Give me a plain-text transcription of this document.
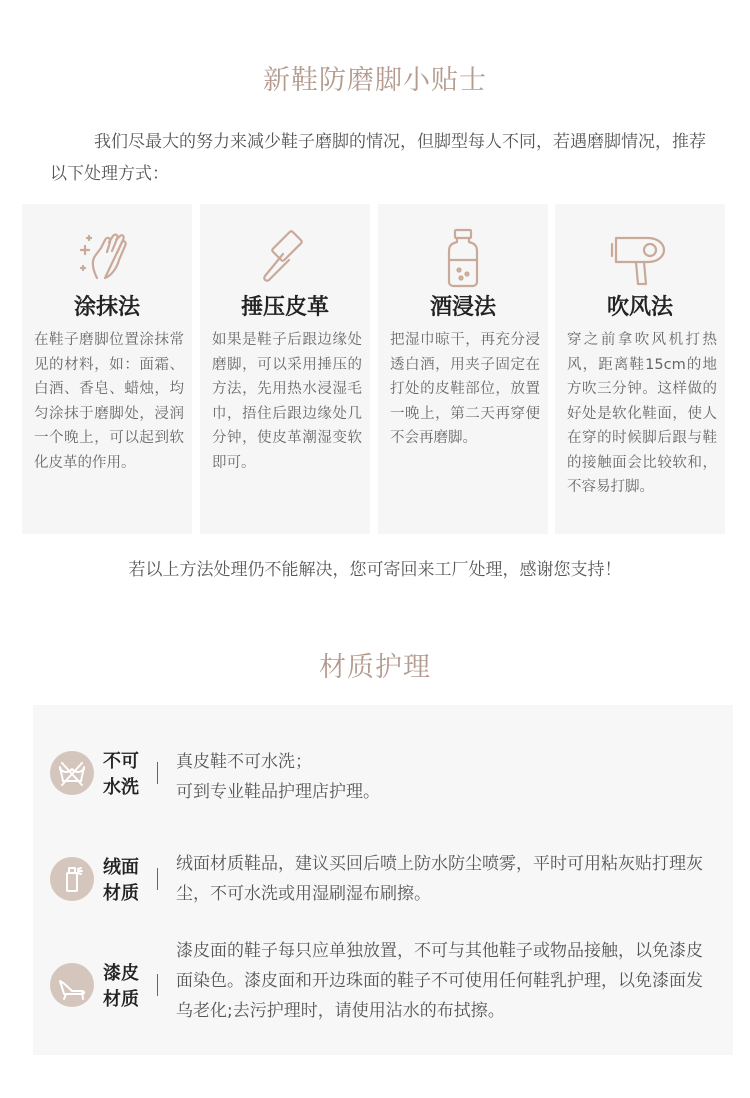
新鞋防磨脚小贴士
我们尽最大的努力来减少鞋子磨脚的情况，但脚型每人不同，若遇磨脚情况，推荐以下处理方式：
涂抹法
在鞋子磨脚位置涂抹常见的材料，如：面霜、白酒、香皂、蜡烛，均匀涂抹于磨脚处，浸润一个晚上，可以起到软化皮革的作用。
捶压皮革
如果是鞋子后跟边缘处磨脚，可以采用捶压的方法，先用热水浸湿毛巾，捂住后跟边缘处几分钟，使皮革潮湿变软即可。
酒浸法
把湿巾晾干，再充分浸透白酒，用夹子固定在打处的皮鞋部位，放置一晚上，第二天再穿便不会再磨脚。
吹风法
穿之前拿吹风机打热风，距离鞋15cm的地方吹三分钟。这样做的好处是软化鞋面，使人在穿的时候脚后跟与鞋的接触面会比较软和，不容易打脚。
若以上方法处理仍不能解决，您可寄回来工厂处理，感谢您支持！
材质护理
不可
水洗
真皮鞋不可水洗；
可到专业鞋品护理店护理。
绒面
材质
绒面材质鞋品，建议买回后喷上防水防尘喷雾，平时可用粘灰贴打理灰尘，不可水洗或用湿刷湿布刷擦。
漆皮
材质
漆皮面的鞋子每只应单独放置，不可与其他鞋子或物品接触，以免漆皮面染色。漆皮面和开边珠面的鞋子不可使用任何鞋乳护理，以免漆面发乌老化;去污护理时，请使用沾水的布拭擦。
